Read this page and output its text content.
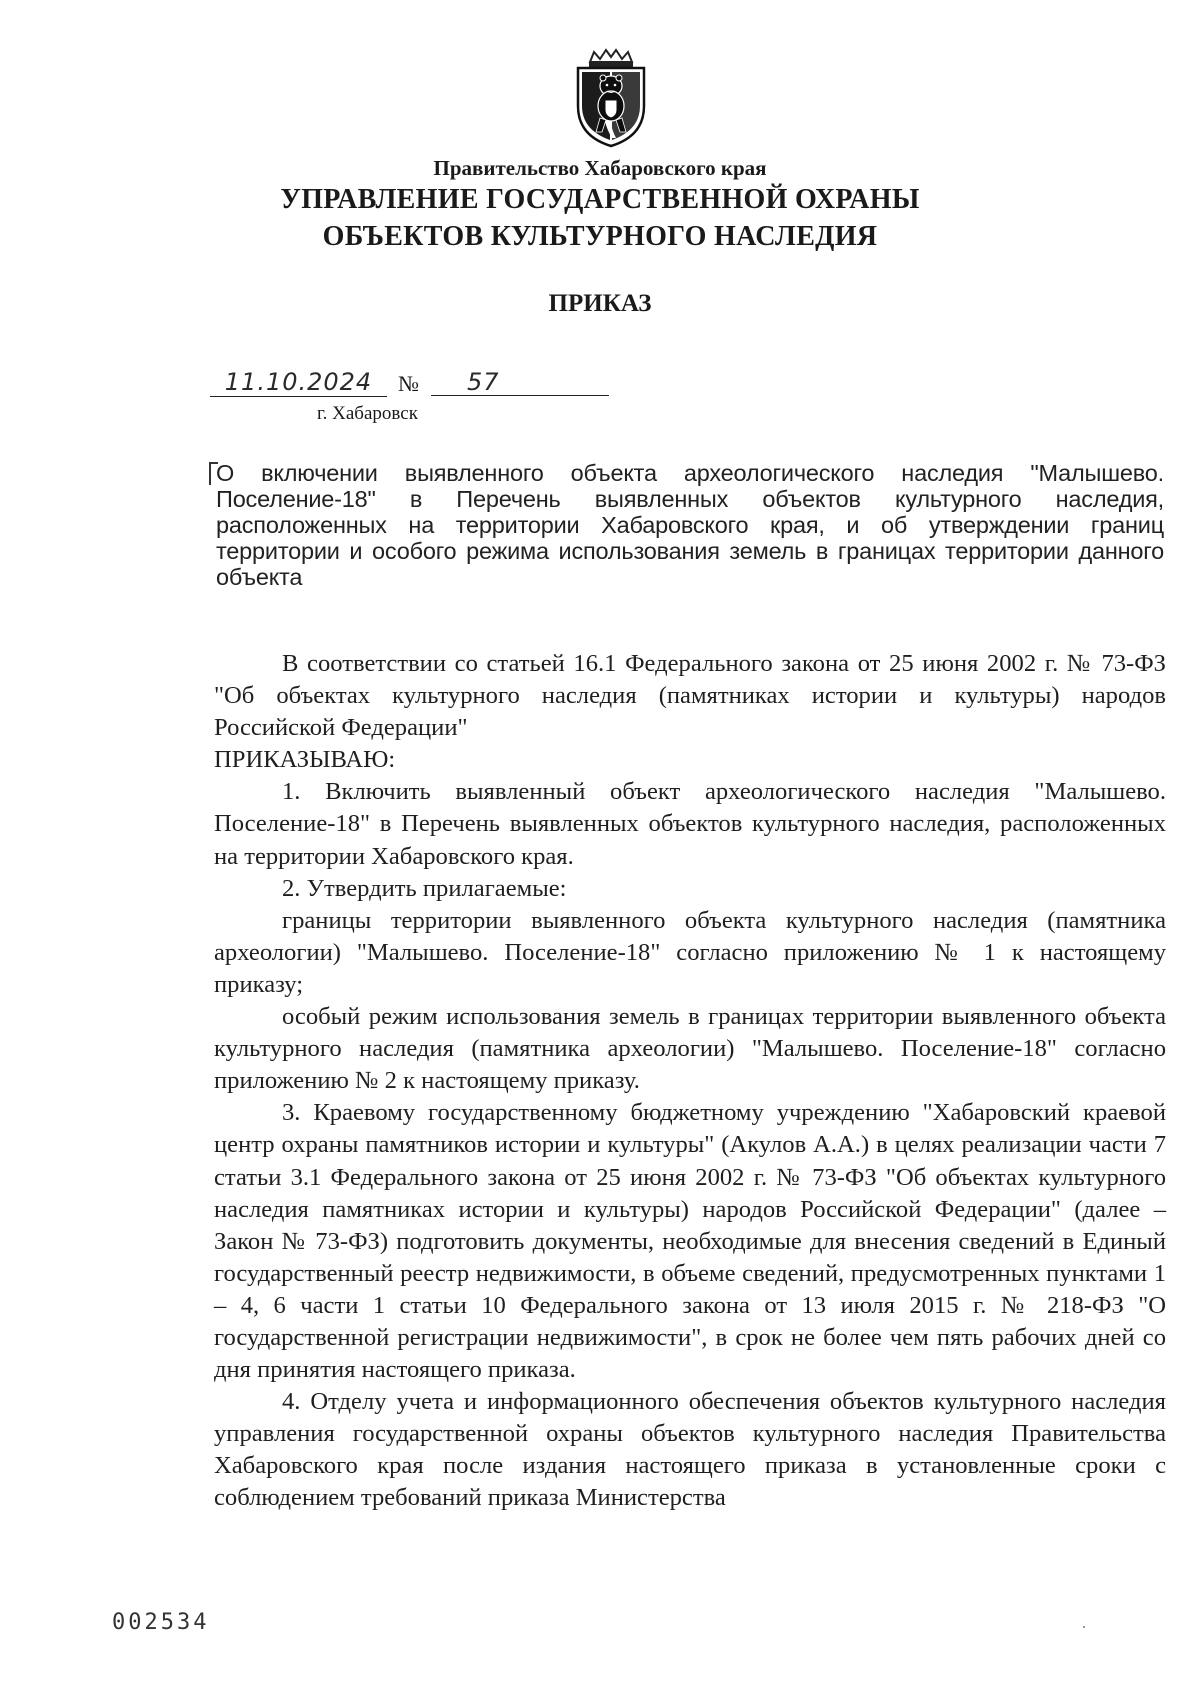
Правительство Хабаровского края
УПРАВЛЕНИЕ ГОСУДАРСТВЕННОЙ ОХРАНЫ
ОБЪЕКТОВ КУЛЬТУРНОГО НАСЛЕДИЯ
ПРИКАЗ
11.10.2024	№	57
г. Хабаровск
О включении выявленного объекта археологического наследия "Малышево. Поселение-18" в Перечень выявленных объектов культурного наследия, расположенных на территории Хабаровского края, и об утверждении границ территории и особого режима использования земель в границах территории данного объекта

В соответствии со статьей 16.1 Федерального закона от 25 июня 2002 г. № 73-ФЗ "Об объектах культурного наследия (памятниках истории и культуры) народов Российской Федерации"

ПРИКАЗЫВАЮ:

1. Включить выявленный объект археологического наследия "Малышево. Поселение-18" в Перечень выявленных объектов культурного наследия, расположенных на территории Хабаровского края.

2. Утвердить прилагаемые:

границы территории выявленного объекта культурного наследия (памятника археологии) "Малышево. Поселение-18" согласно приложению № 1 к настоящему приказу;

особый режим использования земель в границах территории выявленного объекта культурного наследия (памятника археологии) "Малышево. Поселение-18" согласно приложению № 2 к настоящему приказу.

3. Краевому государственному бюджетному учреждению "Хабаровский краевой центр охраны памятников истории и культуры" (Акулов А.А.) в целях реализации части 7 статьи 3.1 Федерального закона от 25 июня 2002 г. № 73-ФЗ "Об объектах культурного наследия памятниках истории и культуры) народов Российской Федерации" (далее – Закон № 73-ФЗ) подготовить документы, необходимые для внесения сведений в Единый государственный реестр недвижимости, в объеме сведений, предусмотренных пунктами 1 – 4, 6 части 1 статьи 10 Федерального закона от 13 июля 2015 г. № 218-ФЗ "О государственной регистрации недвижимости", в срок не более чем пять рабочих дней со дня принятия настоящего приказа.

4. Отделу учета и информационного обеспечения объектов культурного наследия управления государственной охраны объектов культурного наследия Правительства Хабаровского края после издания настоящего приказа в установленные сроки с соблюдением требований приказа Министерства

002534
